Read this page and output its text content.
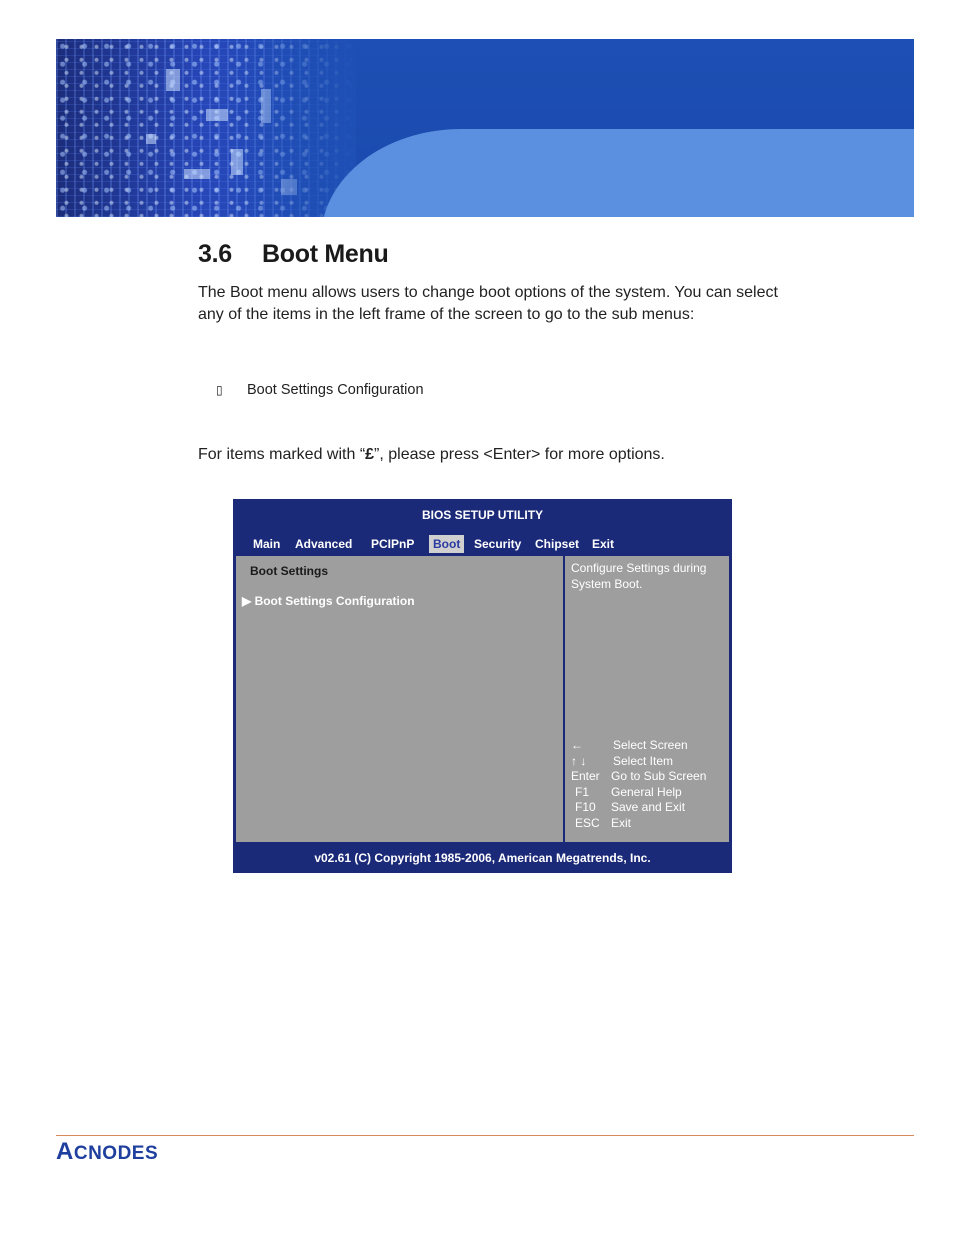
3.6 Boot Menu
The Boot menu allows users to change boot options of the system. You can select any of the items in the left frame of the screen to go to the sub menus:
▯ Boot Settings Configuration
For items marked with “£”, please press <Enter> for more options.
BIOS SETUP UTILITY
Main	Advanced	PCIPnP	Boot	Security	Chipset	Exit
Boot Settings
▶ Boot Settings Configuration
Configure Settings during System Boot.
←	Select Screen
↑ ↓	Select Item
Enter Go to Sub Screen
F1	General Help
F10	Save and Exit
ESC Exit
v02.61 (C) Copyright 1985-2006, American Megatrends, Inc.
ACNODES
